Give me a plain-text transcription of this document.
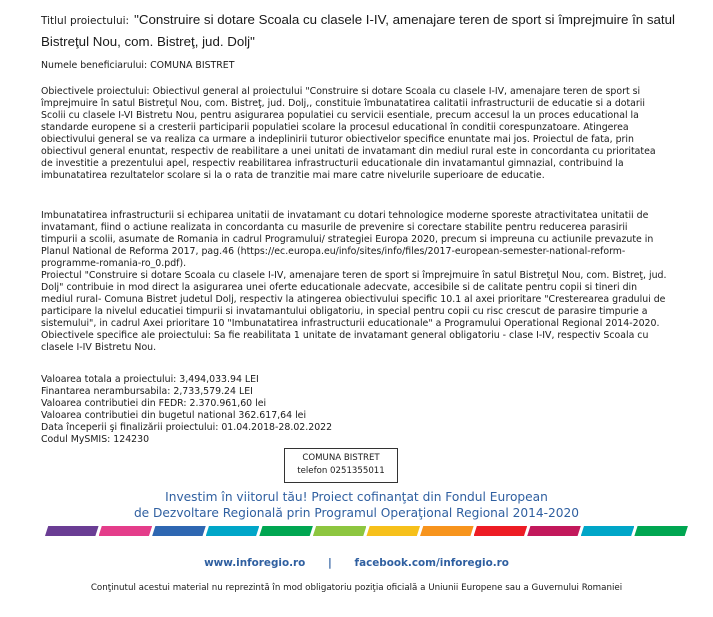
Titlul proiectului: "Construire si dotare Scoala cu clasele I-IV, amenajare teren de sport si împrejmuire în satul
Bistreţul Nou, com. Bistreţ, jud. Dolj"
Numele beneficiarului: COMUNA BISTRET
Obiectivele proiectului: Obiectivul general al proiectului "Construire si dotare Scoala cu clasele I-IV, amenajare teren de sport si
împrejmuire în satul Bistreţul Nou, com. Bistreţ, jud. Dolj,, constituie îmbunatatirea calitatii infrastructurii de educatie si a dotarii
Scolii cu clasele I-VI Bistretu Nou, pentru asigurarea populatiei cu servicii esentiale, precum accesul la un proces educational la
standarde europene si a cresterii participarii populatiei scolare la procesul educational în conditii corespunzatoare. Atingerea
obiectivului general se va realiza ca urmare a indeplinirii tuturor obiectivelor specifice enuntate mai jos. Proiectul de fata, prin
obiectivul general enuntat, respectiv de reabilitare a unei unitati de invatamant din mediul rural este in concordanta cu prioritatea
de investitie a prezentului apel, respectiv reabilitarea infrastructurii educationale din invatamantul gimnazial, contribuind la
imbunatatirea rezultatelor scolare si la o rata de tranzitie mai mare catre nivelurile superioare de educatie.
Imbunatatirea infrastructurii si echiparea unitatii de invatamant cu dotari tehnologice moderne sporeste atractivitatea unitatii de
invatamant, fiind o actiune realizata in concordanta cu masurile de prevenire si corectare stabilite pentru reducerea parasirii
timpurii a scolii, asumate de Romania in cadrul Programului/ strategiei Europa 2020, precum si impreuna cu actiunile prevazute in
Planul National de Reforma 2017, pag.46 (https://ec.europa.eu/info/sites/info/files/2017-european-semester-national-reform-
programme-romania-ro_0.pdf).
Proiectul "Construire si dotare Scoala cu clasele I-IV, amenajare teren de sport si împrejmuire în satul Bistreţul Nou, com. Bistreţ, jud.
Dolj" contribuie in mod direct la asigurarea unei oferte educationale adecvate, accesibile si de calitate pentru copii si tineri din
mediul rural- Comuna Bistret judetul Dolj, respectiv la atingerea obiectivului specific 10.1 al axei prioritare "Cresterearea gradului de
participare la nivelul educatiei timpurii si invatamantului obligatoriu, in special pentru copii cu risc crescut de parasire timpurie a
sistemului", in cadrul Axei prioritare 10 "Imbunatatirea infrastructurii educationale" a Programului Operational Regional 2014-2020.
Obiectivele specifice ale proiectului: Sa fie reabilitata 1 unitate de invatamant general obligatoriu - clase I-IV, respectiv Scoala cu
clasele I-IV Bistretu Nou.
Valoarea totala a proiectului: 3,494,033.94 LEI
Finantarea nerambursabila: 2,733,579.24 LEI
Valoarea contributiei din FEDR: 2.370.961,60 lei
Valoarea contributiei din bugetul national 362.617,64 lei
Data începerii şi finalizării proiectului: 01.04.2018-28.02.2022
Codul MySMIS: 124230
COMUNA BISTRET
telefon 0251355011
Investim în viitorul tău! Proiect cofinanţat din Fondul European
de Dezvoltare Regională prin Programul Operaţional Regional 2014-2020
www.inforegio.ro | facebook.com/inforegio.ro
Conţinutul acestui material nu reprezintă în mod obligatoriu poziţia oficială a Uniunii Europene sau a Guvernului Romaniei
